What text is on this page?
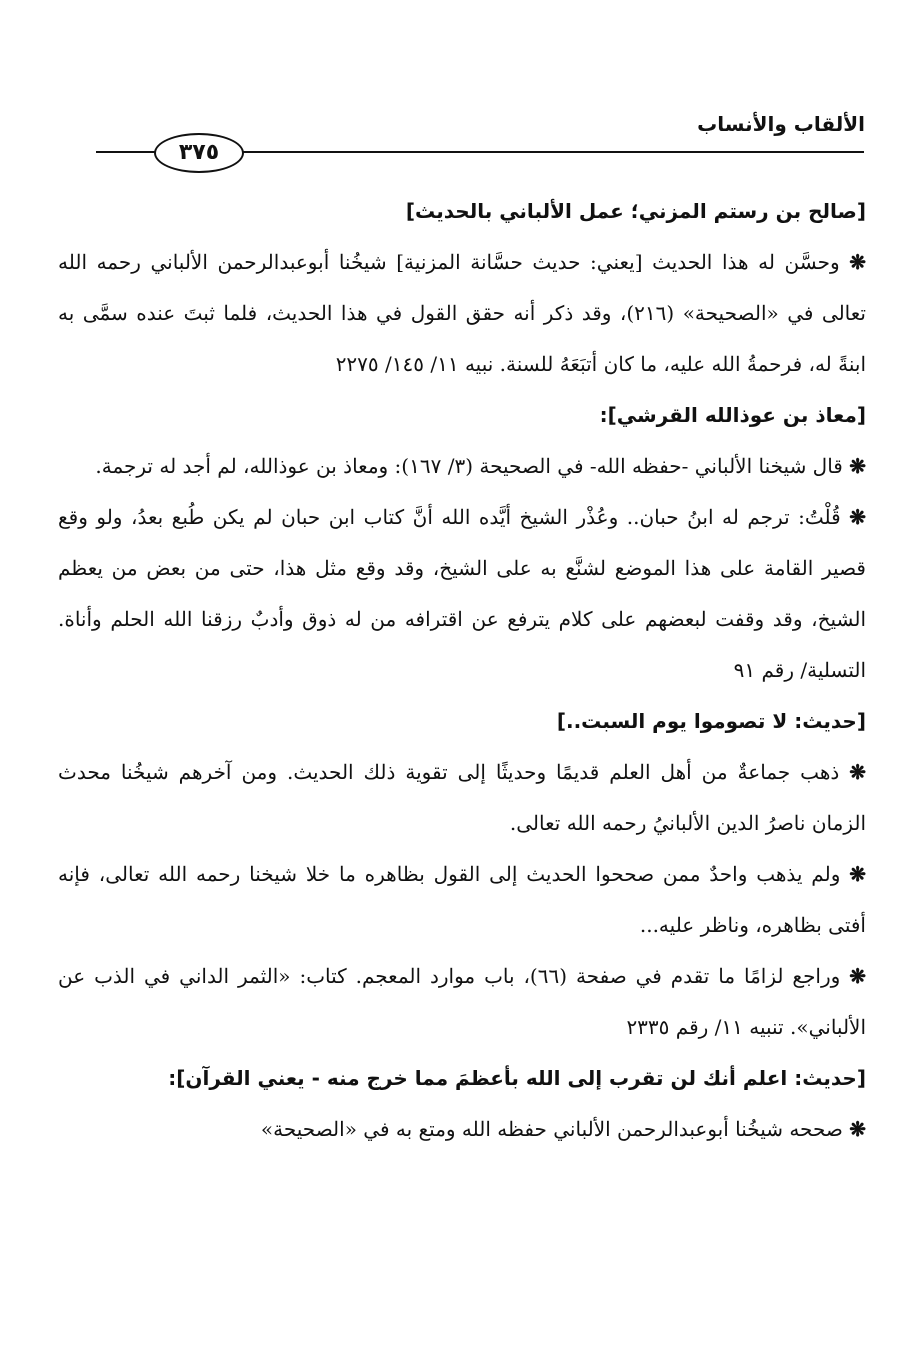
الألقاب والأنساب
٣٧٥
[صالح بن رستم المزني؛ عمل الألباني بالحديث]

❋ وحسَّن له هذا الحديث [يعني: حديث حسَّانة المزنية] شيخُنا أبوعبدالرحمن الألباني رحمه الله تعالى في «الصحيحة» (٢١٦)، وقد ذكر أنه حقق القول في هذا الحديث، فلما ثبتَ عنده سمَّى به ابنةً له، فرحمةُ الله عليه، ما كان أتبَعَهُ للسنة. نبيه ١١/ ١٤٥/ ٢٢٧٥

[معاذ بن عوذالله القرشي]:

❋ قال شيخنا الألباني -حفظه الله- في الصحيحة (٣/ ١٦٧): ومعاذ بن عوذالله، لم أجد له ترجمة.

❋ قُلْتُ: ترجم له ابنُ حبان.. وعُذْر الشيخ أيَّده الله أنَّ كتاب ابن حبان لم يكن طُبع بعدُ، ولو وقع قصير القامة على هذا الموضع لشنَّع به على الشيخ، وقد وقع مثل هذا، حتى من بعض من يعظم الشيخ، وقد وقفت لبعضهم على كلام يترفع عن اقترافه من له ذوق وأدبٌ رزقنا الله الحلم وأناة. التسلية/ رقم ٩١

[حديث: لا تصوموا يوم السبت..]

❋ ذهب جماعةٌ من أهل العلم قديمًا وحديثًا إلى تقوية ذلك الحديث. ومن آخرهم شيخُنا محدث الزمان ناصرُ الدين الألبانيُ رحمه الله تعالى.

❋ ولم يذهب واحدٌ ممن صححوا الحديث إلى القول بظاهره ما خلا شيخنا رحمه الله تعالى، فإنه أفتى بظاهره، وناظر عليه...

❋ وراجع لزامًا ما تقدم في صفحة (٦٦)، باب موارد المعجم. كتاب: «الثمر الداني في الذب عن الألباني». تنبيه ١١/ رقم ٢٣٣٥

[حديث: اعلم أنك لن تقرب إلى الله بأعظمَ مما خرج منه - يعني القرآن]:

❋ صححه شيخُنا أبوعبدالرحمن الألباني حفظه الله ومتع به في «الصحيحة»
